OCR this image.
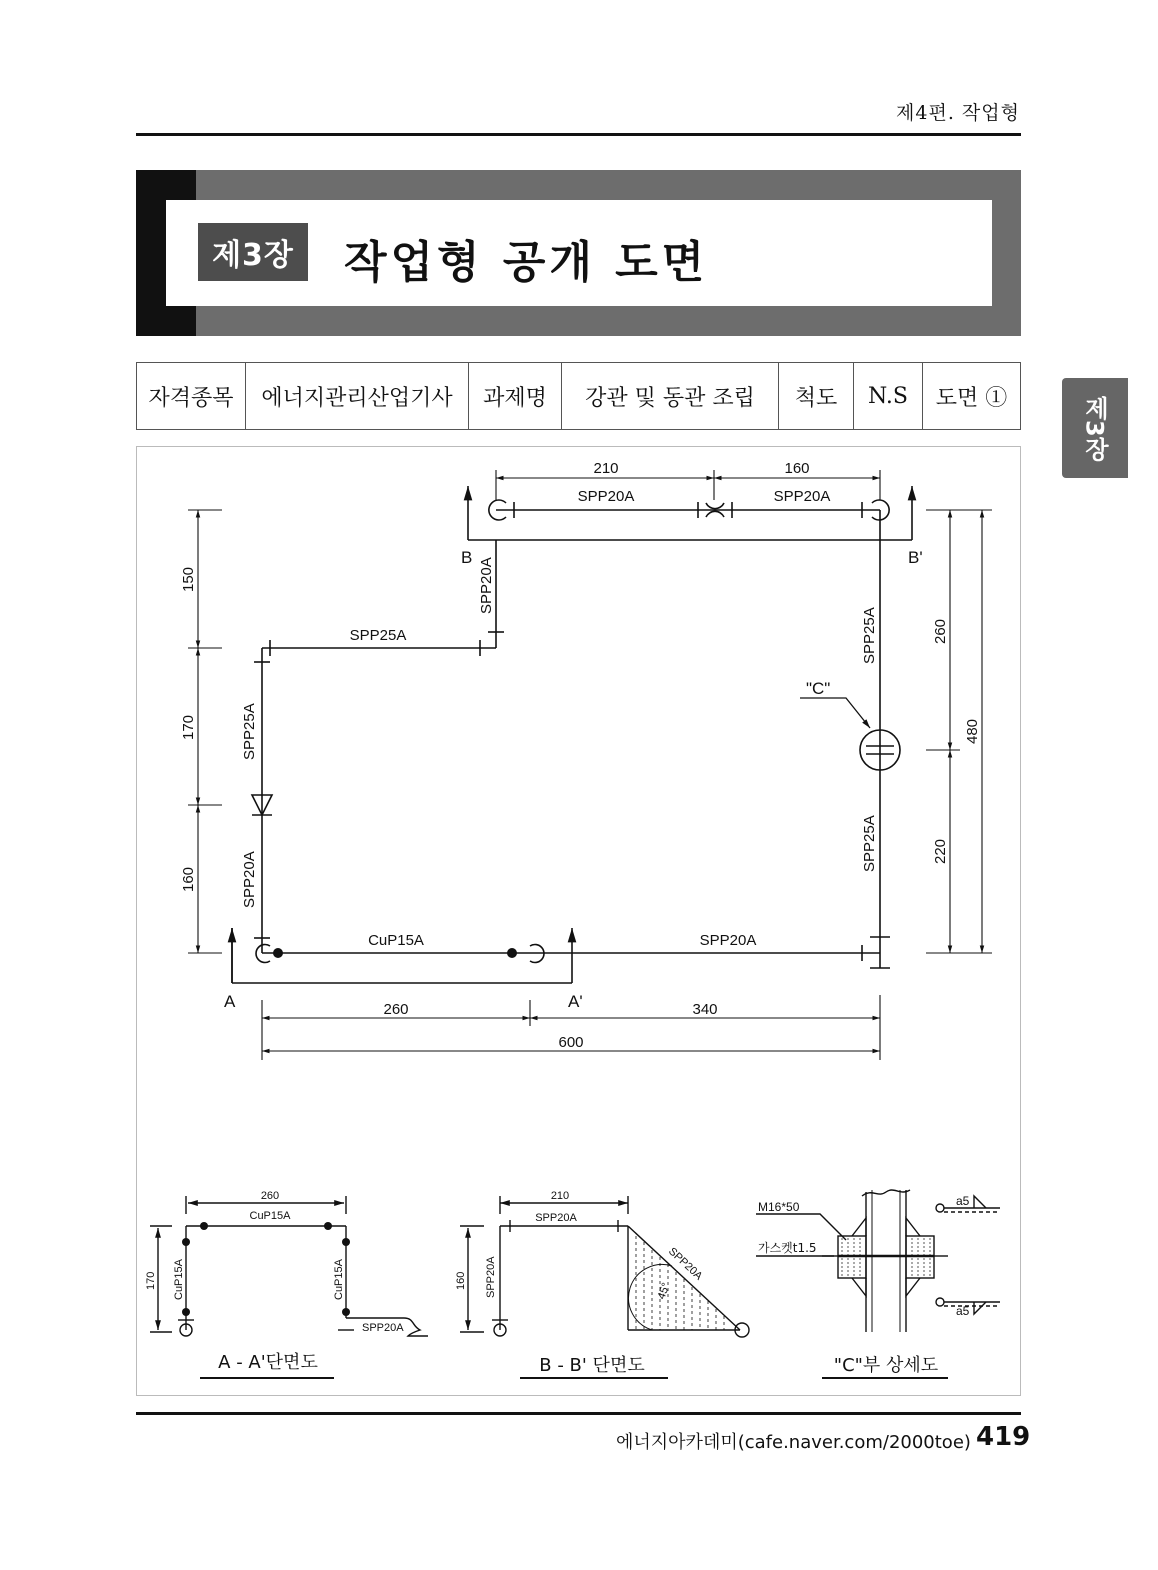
제4편. 작업형
제3장	작업형 공개 도면
제3장
자격종목	에너지관리산업기사	과제명	강관 및 동관 조립	척도	N.S	도면 ①
210	160
SPP20A	SPP20A
SPP20A
SPP25A
SPP25A
SPP20A
SPP25A
SPP25A
CuP15A	SPP20A
150
170
160
260
220
480
260	340
600
A	A'
B	B'
"C"
260
CuP15A
170 CuP15A	CuP15A
SPP20A
A - A'단면도
210
SPP20A
160 SPP20A	SPP20A
45°
B - B' 단면도
M16*50
가스켓t1.5
a5
a5
"C"부 상세도
에너지아카데미(cafe.naver.com/2000toe) 419
